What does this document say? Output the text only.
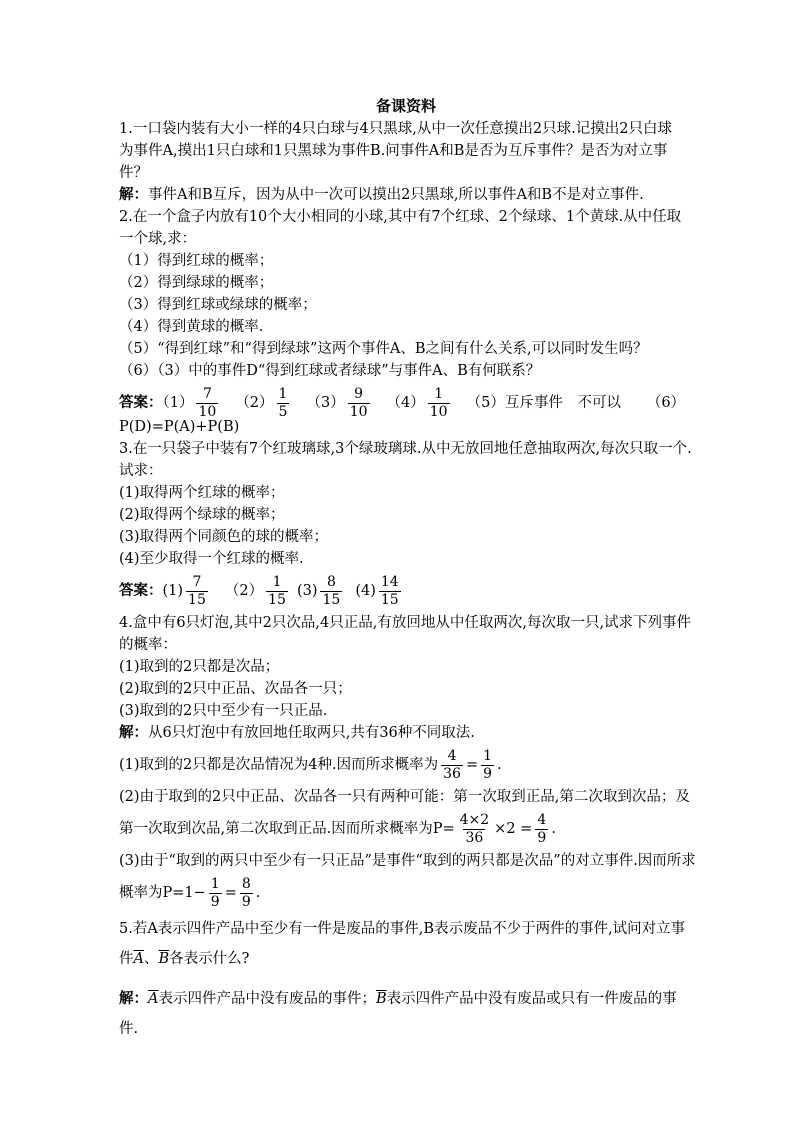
备课资料
1.一口袋内装有大小一样的4只白球与4只黑球,从中一次任意摸出2只球.记摸出2只白球
为事件A,摸出1只白球和1只黑球为事件B.问事件A和B是否为互斥事件？是否为对立事
件？
解：事件A和B互斥，因为从中一次可以摸出2只黑球,所以事件A和B不是对立事件.
2.在一个盒子内放有10个大小相同的小球,其中有7个红球、2个绿球、1个黄球.从中任取
一个球,求：
（1）得到红球的概率；
（2）得到绿球的概率；
（3）得到红球或绿球的概率；
（4）得到黄球的概率.
（5）“得到红球”和“得到绿球”这两个事件A、B之间有什么关系,可以同时发生吗？
（6）（3）中的事件D“得到红球或者绿球”与事件A、B有何联系？
答案：$(1) \frac{7}{10} (2) \frac{1}{5} (3) \frac{9}{10} (4) \frac{1}{10} (5)$互斥事件　不可以 （6）
P(D)=P(A)+P(B)
3.在一只袋子中装有7个红玻璃球,3个绿玻璃球.从中无放回地任意抽取两次,每次只取一个.
试求：
(1)取得两个红球的概率；
(2)取得两个绿球的概率；
(3)取得两个同颜色的球的概率；
(4)至少取得一个红球的概率.
答案：$(1) \frac{7}{15} (2) \frac{1}{15} (3) \frac{8}{15} (4) \frac{14}{15}$
4.盒中有6只灯泡,其中2只次品,4只正品,有放回地从中任取两次,每次取一只,试求下列事件
的概率：
(1)取到的2只都是次品；
(2)取到的2只中正品、次品各一只；
(3)取到的2只中至少有一只正品.
解：从6只灯泡中有放回地任取两只,共有36种不同取法.
(1)取到的2只都是次品情况为4种.因而所求概率为 $\frac{4}{36} = \frac{1}{9}$ .
(2)由于取到的2只中正品、次品各一只有两种可能：第一次取到正品,第二次取到次品；及
第一次取到次品,第二次取到正品.因而所求概率为$P= \frac{4\times 2}{36} \times 2 = \frac{4}{9}$ .
(3)由于“取到的两只中至少有一只正品”是事件“取到的两只都是次品”的对立事件.因而所求
概率为$P=1- \frac{1}{9} = \frac{8}{9}$ .
5.若A表示四件产品中至少有一件是废品的事件,B表示废品不少于两件的事件,试问对立事
件$\overline{A}$、$\overline{B}$各表示什么?
解：$\overline{A}$表示四件产品中没有废品的事件；$\overline{B}$表示四件产品中没有废品或只有一件废品的事
件.
